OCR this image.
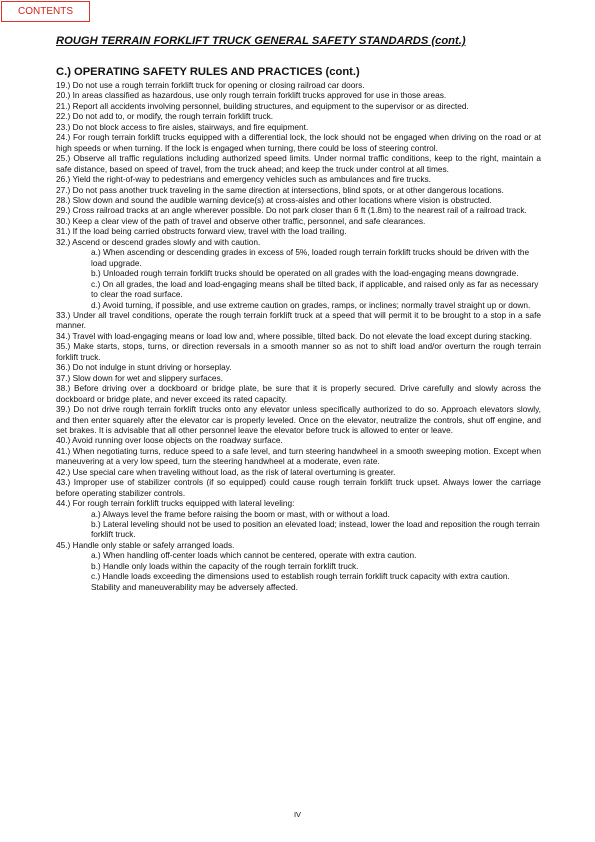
CONTENTS
ROUGH TERRAIN FORKLIFT TRUCK GENERAL SAFETY STANDARDS (cont.)
C.) OPERATING SAFETY RULES AND PRACTICES (cont.)

19.) Do not use a rough terrain forklift truck for opening or closing railroad car doors.

20.) In areas classified as hazardous, use only rough terrain forklift trucks approved for use in those areas.

21.) Report all accidents involving personnel, building structures, and equipment to the supervisor or as directed.

22.) Do not add to, or modify, the rough terrain forklift truck.

23.) Do not block access to fire aisles, stairways, and fire equipment.

24.) For rough terrain forklift trucks equipped with a differential lock, the lock should not be engaged when driving on the road or at high speeds or when turning. If the lock is engaged when turning, there could be loss of steering control.

25.) Observe all traffic regulations including authorized speed limits. Under normal traffic conditions, keep to the right, maintain a safe distance, based on speed of travel, from the truck ahead; and keep the truck under control at all times.

26.) Yield the right-of-way to pedestrians and emergency vehicles such as ambulances and fire trucks.

27.) Do not pass another truck traveling in the same direction at intersections, blind spots, or at other dangerous locations.

28.) Slow down and sound the audible warning device(s) at cross-aisles and other locations where vision is obstructed.

29.) Cross railroad tracks at an angle wherever possible. Do not park closer than 6 ft (1.8m) to the nearest rail of a railroad track.

30.) Keep a clear view of the path of travel and observe other traffic, personnel, and safe clearances.

31.) If the load being carried obstructs forward view, travel with the load trailing.

32.) Ascend or descend grades slowly and with caution.

a.) When ascending or descending grades in excess of 5%, loaded rough terrain forklift trucks should be driven with the load upgrade.

b.) Unloaded rough terrain forklift trucks should be operated on all grades with the load-engaging means downgrade.

c.) On all grades, the load and load-engaging means shall be tilted back, if applicable, and raised only as far as necessary to clear the road surface.

d.) Avoid turning, if possible, and use extreme caution on grades, ramps, or inclines; normally travel straight up or down.

33.) Under all travel conditions, operate the rough terrain forklift truck at a speed that will permit it to be brought to a stop in a safe manner.

34.) Travel with load-engaging means or load low and, where possible, tilted back. Do not elevate the load except during stacking.

35.) Make starts, stops, turns, or direction reversals in a smooth manner so as not to shift load and/or overturn the rough terrain forklift truck.

36.) Do not indulge in stunt driving or horseplay.

37.) Slow down for wet and slippery surfaces.

38.) Before driving over a dockboard or bridge plate, be sure that it is properly secured. Drive carefully and slowly across the dockboard or bridge plate, and never exceed its rated capacity.

39.) Do not drive rough terrain forklift trucks onto any elevator unless specifically authorized to do so. Approach elevators slowly, and then enter squarely after the elevator car is properly leveled. Once on the elevator, neutralize the controls, shut off engine, and set brakes. It is advisable that all other personnel leave the elevator before truck is allowed to enter or leave.

40.) Avoid running over loose objects on the roadway surface.

41.) When negotiating turns, reduce speed to a safe level, and turn steering handwheel in a smooth sweeping motion. Except when maneuvering at a very low speed, turn the steering handwheel at a moderate, even rate.

42.) Use special care when traveling without load, as the risk of lateral overturning is greater.

43.) Improper use of stabilizer controls (if so equipped) could cause rough terrain forklift truck upset. Always lower the carriage before operating stabilizer controls.

44.) For rough terrain forklift trucks equipped with lateral leveling:

a.) Always level the frame before raising the boom or mast, with or without a load.

b.) Lateral leveling should not be used to position an elevated load; instead, lower the load and reposition the rough terrain forklift truck.

45.) Handle only stable or safely arranged loads.

a.) When handling off-center loads which cannot be centered, operate with extra caution.

b.) Handle only loads within the capacity of the rough terrain forklift truck.

c.) Handle loads exceeding the dimensions used to establish rough terrain forklift truck capacity with extra caution. Stability and maneuverability may be adversely affected.

IV
